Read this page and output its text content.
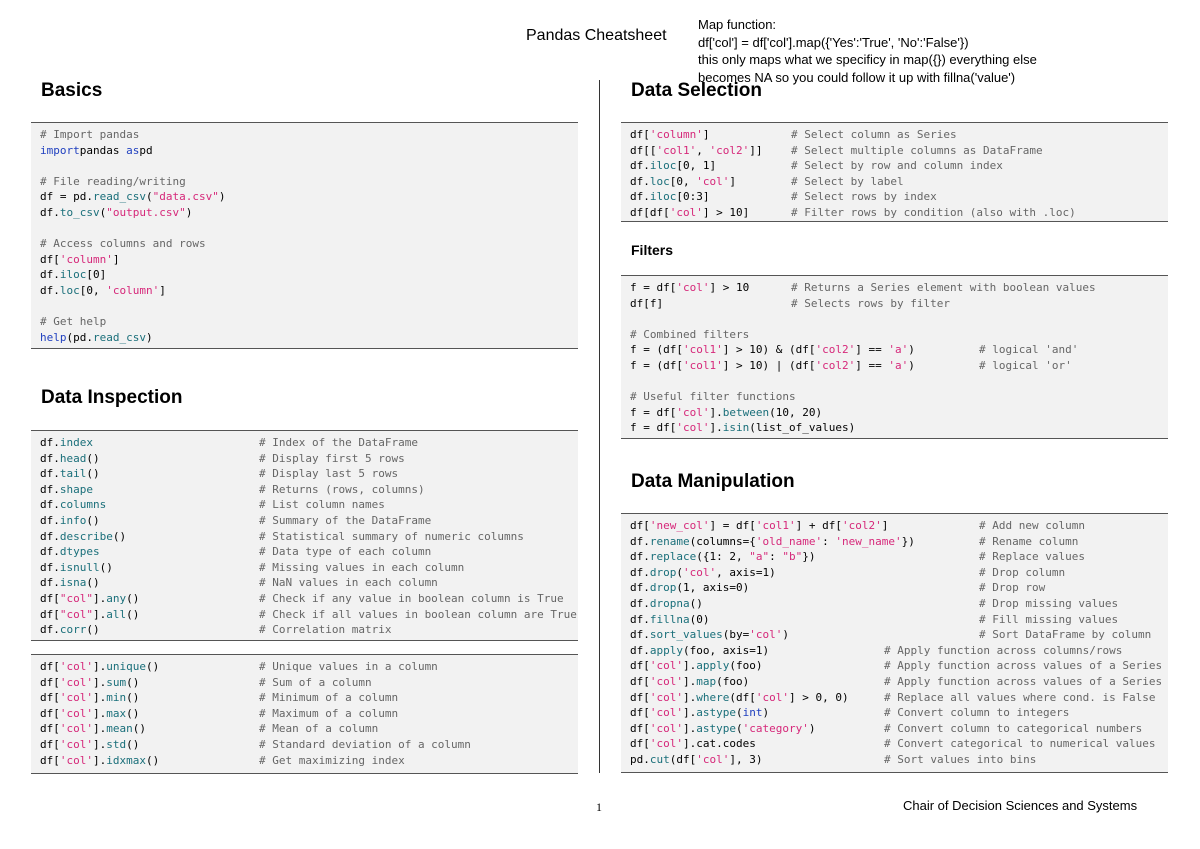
Pandas Cheatsheet
Map function:
df['col'] = df['col'].map({'Yes':'True', 'No':'False'})
this only maps what we specificy in map({}) everything else
becomes NA so you could follow it up with fillna('value')
Basics
# Import pandas
importpandas aspd

# File reading/writing
df = pd.read_csv("data.csv")
df.to_csv("output.csv")

# Access columns and rows
df['column']
df.iloc[0]
df.loc[0, 'column']

# Get help
help(pd.read_csv)
Data Inspection
df.index	# Index of the DataFrame
df.head()	# Display first 5 rows
df.tail()	# Display last 5 rows
df.shape	# Returns (rows, columns)
df.columns	# List column names
df.info()	# Summary of the DataFrame
df.describe()	# Statistical summary of numeric columns
df.dtypes	# Data type of each column
df.isnull()	# Missing values in each column
df.isna()	# NaN values in each column
df["col"].any()	# Check if any value in boolean column is True
df["col"].all()	# Check if all values in boolean column are True
df.corr()	# Correlation matrix
df['col'].unique()	# Unique values in a column
df['col'].sum()	# Sum of a column
df['col'].min()	# Minimum of a column
df['col'].max()	# Maximum of a column
df['col'].mean()	# Mean of a column
df['col'].std()	# Standard deviation of a column
df['col'].idxmax()	# Get maximizing index
Data Selection
df['column']	# Select column as Series
df[['col1', 'col2']]	# Select multiple columns as DataFrame
df.iloc[0, 1]	# Select by row and column index
df.loc[0, 'col']	# Select by label
df.iloc[0:3]	# Select rows by index
df[df['col'] > 10]	# Filter rows by condition (also with .loc)
Filters
f = df['col'] > 10	# Returns a Series element with boolean values
df[f]	# Selects rows by filter

# Combined filters
f = (df['col1'] > 10) & (df['col2'] == 'a')	# logical 'and'
f = (df['col1'] > 10) | (df['col2'] == 'a')	# logical 'or'

# Useful filter functions
f = df['col'].between(10, 20)
f = df['col'].isin(list_of_values)
Data Manipulation
df['new_col'] = df['col1'] + df['col2']	# Add new column
df.rename(columns={'old_name': 'new_name'})	# Rename column
df.replace({1: 2, "a": "b"})	# Replace values
df.drop('col', axis=1)	# Drop column
df.drop(1, axis=0)	# Drop row
df.dropna()	# Drop missing values
df.fillna(0)	# Fill missing values
df.sort_values(by='col')	# Sort DataFrame by column
df.apply(foo, axis=1)	# Apply function across columns/rows
df['col'].apply(foo)	# Apply function across values of a Series
df['col'].map(foo)	# Apply function across values of a Series
df['col'].where(df['col'] > 0, 0)	# Replace all values where cond. is False
df['col'].astype(int)	# Convert column to integers
df['col'].astype('category')	# Convert column to categorical numbers
df['col'].cat.codes	# Convert categorical to numerical values
pd.cut(df['col'], 3)	# Sort values into bins
1	Chair of Decision Sciences and Systems
